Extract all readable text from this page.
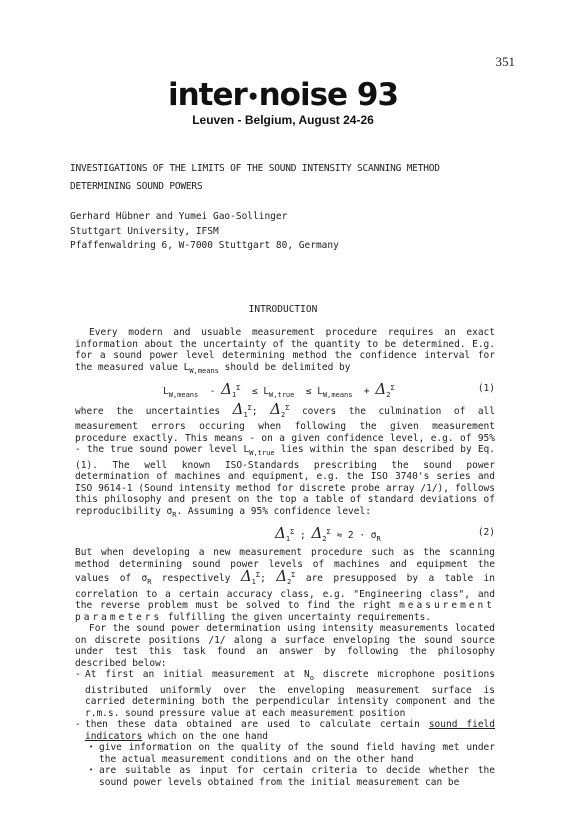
351
inter•noise 93
Leuven - Belgium, August 24-26
INVESTIGATIONS OF THE LIMITS OF THE SOUND INTENSITY SCANNING METHOD
DETERMINING SOUND POWERS
Gerhard Hübner and Yumei Gao-Sollinger
Stuttgart University, IFSM
Pfaffenwaldring 6, W-7000 Stuttgart 80, Germany
INTRODUCTION

Every modern and usuable measurement procedure requires an exact information about the uncertainty of the quantity to be determined. E.g. for a sound power level determining method the confidence interval for the measured value $L_{W,means}$ should be delimited by

$L_{W,means} - \Delta_1^\Sigma \le L_{W,true} \le L_{W,means} + \Delta_2^\Sigma$	(1)

where the uncertainties $\Delta_1^\Sigma$; $\Delta_2^\Sigma$ covers the culmination of all measurement errors occuring when following the given measurement procedure exactly. This means - on a given confidence level, e.g. of 95% - the true sound power level $L_{W,true}$ lies within the span described by Eq.(1). The well known ISO-Standards prescribing the sound power determination of machines and equipment, e.g. the ISO 3740's series and ISO 9614-1 (Sound intensity method for discrete probe array /1/), follows this philosophy and present on the top a table of standard deviations of reproducibility $\sigma_R$. Assuming a 95% confidence level:

$\Delta_1^\Sigma$ ; $\Delta_2^\Sigma \approx 2 \cdot \sigma_R$
(2)

But when developing a new measurement procedure such as the scanning method determining sound power levels of machines and equipment the values of $\sigma_R$ respectively $\Delta_1^\Sigma$; $\Delta_2^\Sigma$ are presupposed by a table in correlation to a certain accuracy class, e.g. "Engineering class", and the reverse problem must be solved to find the right measurement parameters fulfilling the given uncertainty requirements.

For the sound power determination using intensity measurements located on discrete positions /1/ along a surface enveloping the sound source under test this task found an answer by following the philosophy described below:

- At first an initial measurement at $N_o$ discrete microphone positions distributed uniformly over the enveloping measurement surface is carried determining both the perpendicular intensity component and the r.m.s. sound pressure value at each measurement position
- then these data obtained are used to calculate certain sound field indicators which on the one hand
• give information on the quality of the sound field having met under the actual measurement conditions and on the other hand
• are suitable as input for certain criteria to decide whether the sound power levels obtained from the initial measurement can be
